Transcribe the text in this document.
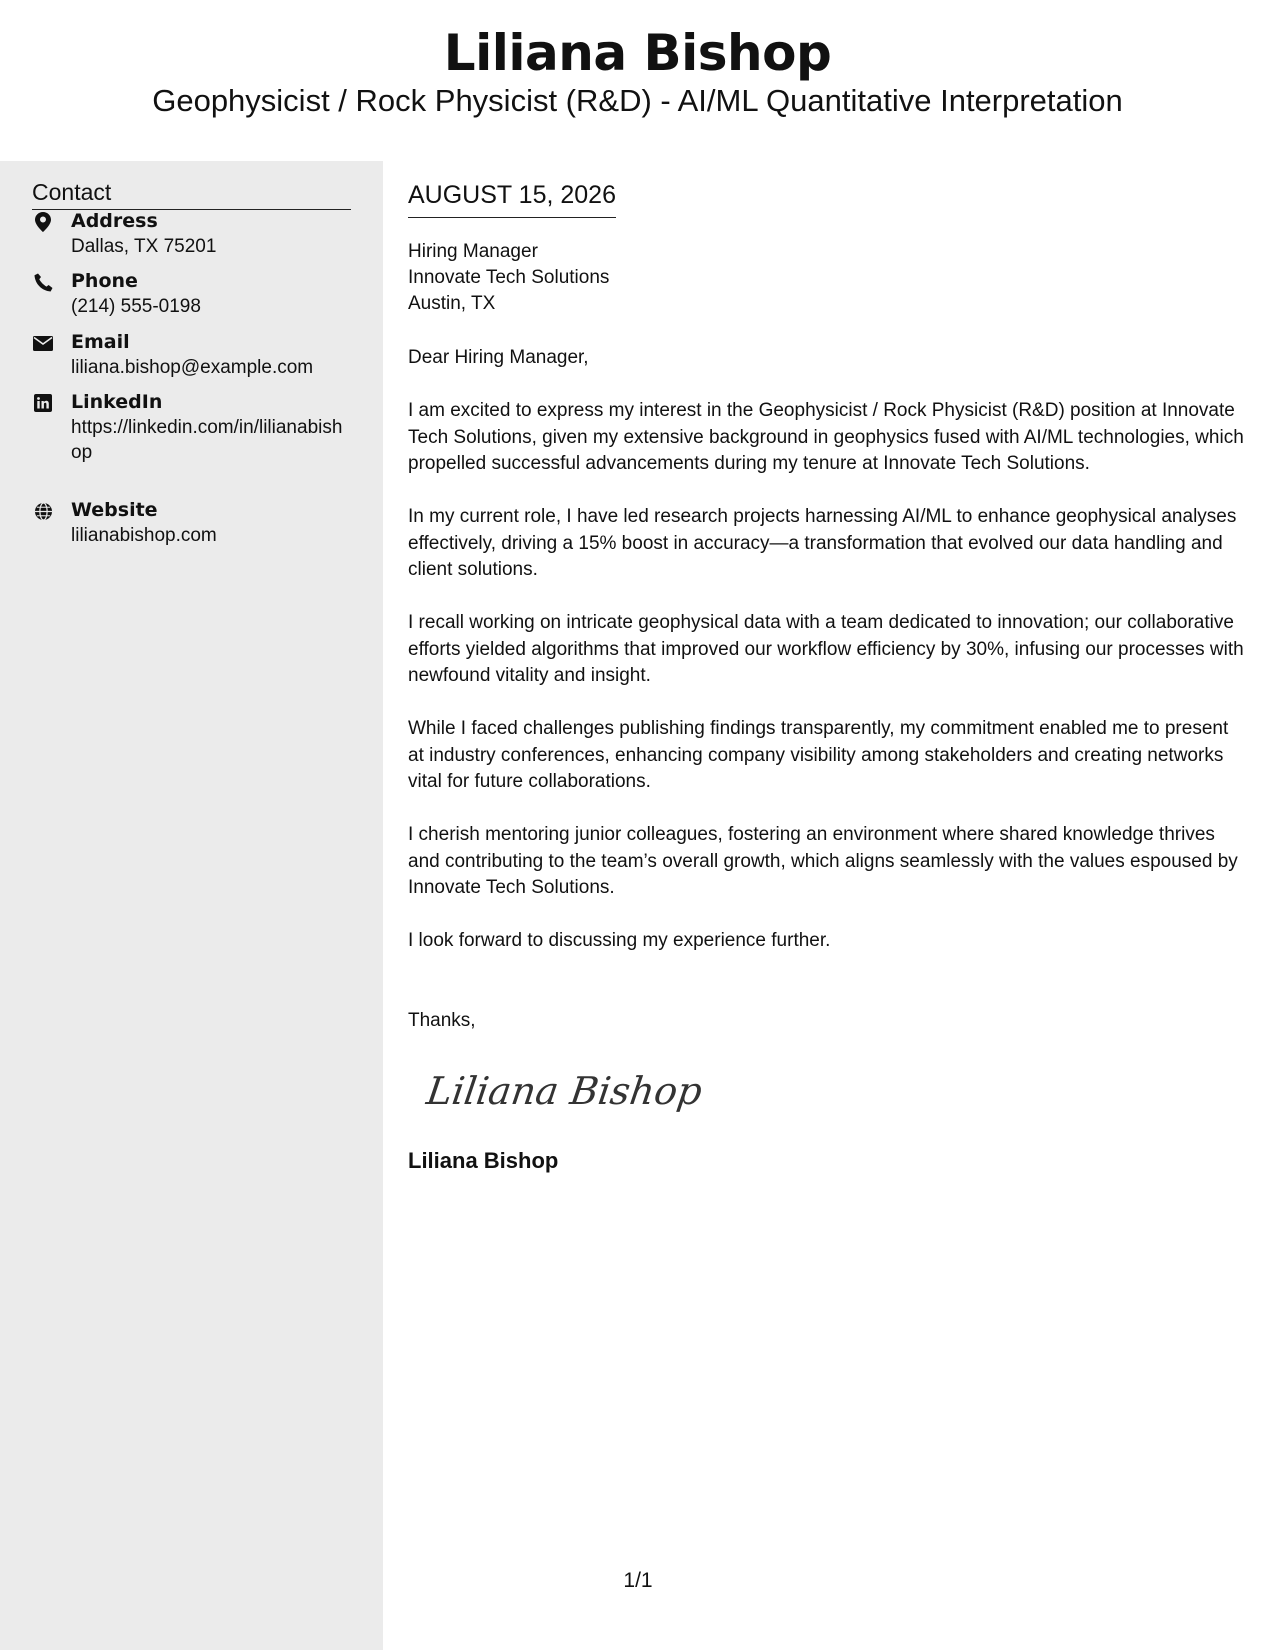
Liliana Bishop
Geophysicist / Rock Physicist (R&D) - AI/ML Quantitative Interpretation
Contact
Address
Dallas, TX 75201
Phone
(214) 555-0198
Email
liliana.bishop@example.com
LinkedIn
https://linkedin.com/in/lilianabishop
Website
lilianabishop.com
AUGUST 15, 2026
Hiring Manager
Innovate Tech Solutions
Austin, TX
Dear Hiring Manager,
I am excited to express my interest in the Geophysicist / Rock Physicist (R&D) position at Innovate Tech Solutions, given my extensive background in geophysics fused with AI/ML technologies, which propelled successful advancements during my tenure at Innovate Tech Solutions.
In my current role, I have led research projects harnessing AI/ML to enhance geophysical analyses effectively, driving a 15% boost in accuracy—a transformation that evolved our data handling and client solutions.
I recall working on intricate geophysical data with a team dedicated to innovation; our collaborative efforts yielded algorithms that improved our workflow efficiency by 30%, infusing our processes with newfound vitality and insight.
While I faced challenges publishing findings transparently, my commitment enabled me to present at industry conferences, enhancing company visibility among stakeholders and creating networks vital for future collaborations.
I cherish mentoring junior colleagues, fostering an environment where shared knowledge thrives and contributing to the team’s overall growth, which aligns seamlessly with the values espoused by Innovate Tech Solutions.
I look forward to discussing my experience further.
Thanks,
Liliana Bishop
Liliana Bishop
1/1
